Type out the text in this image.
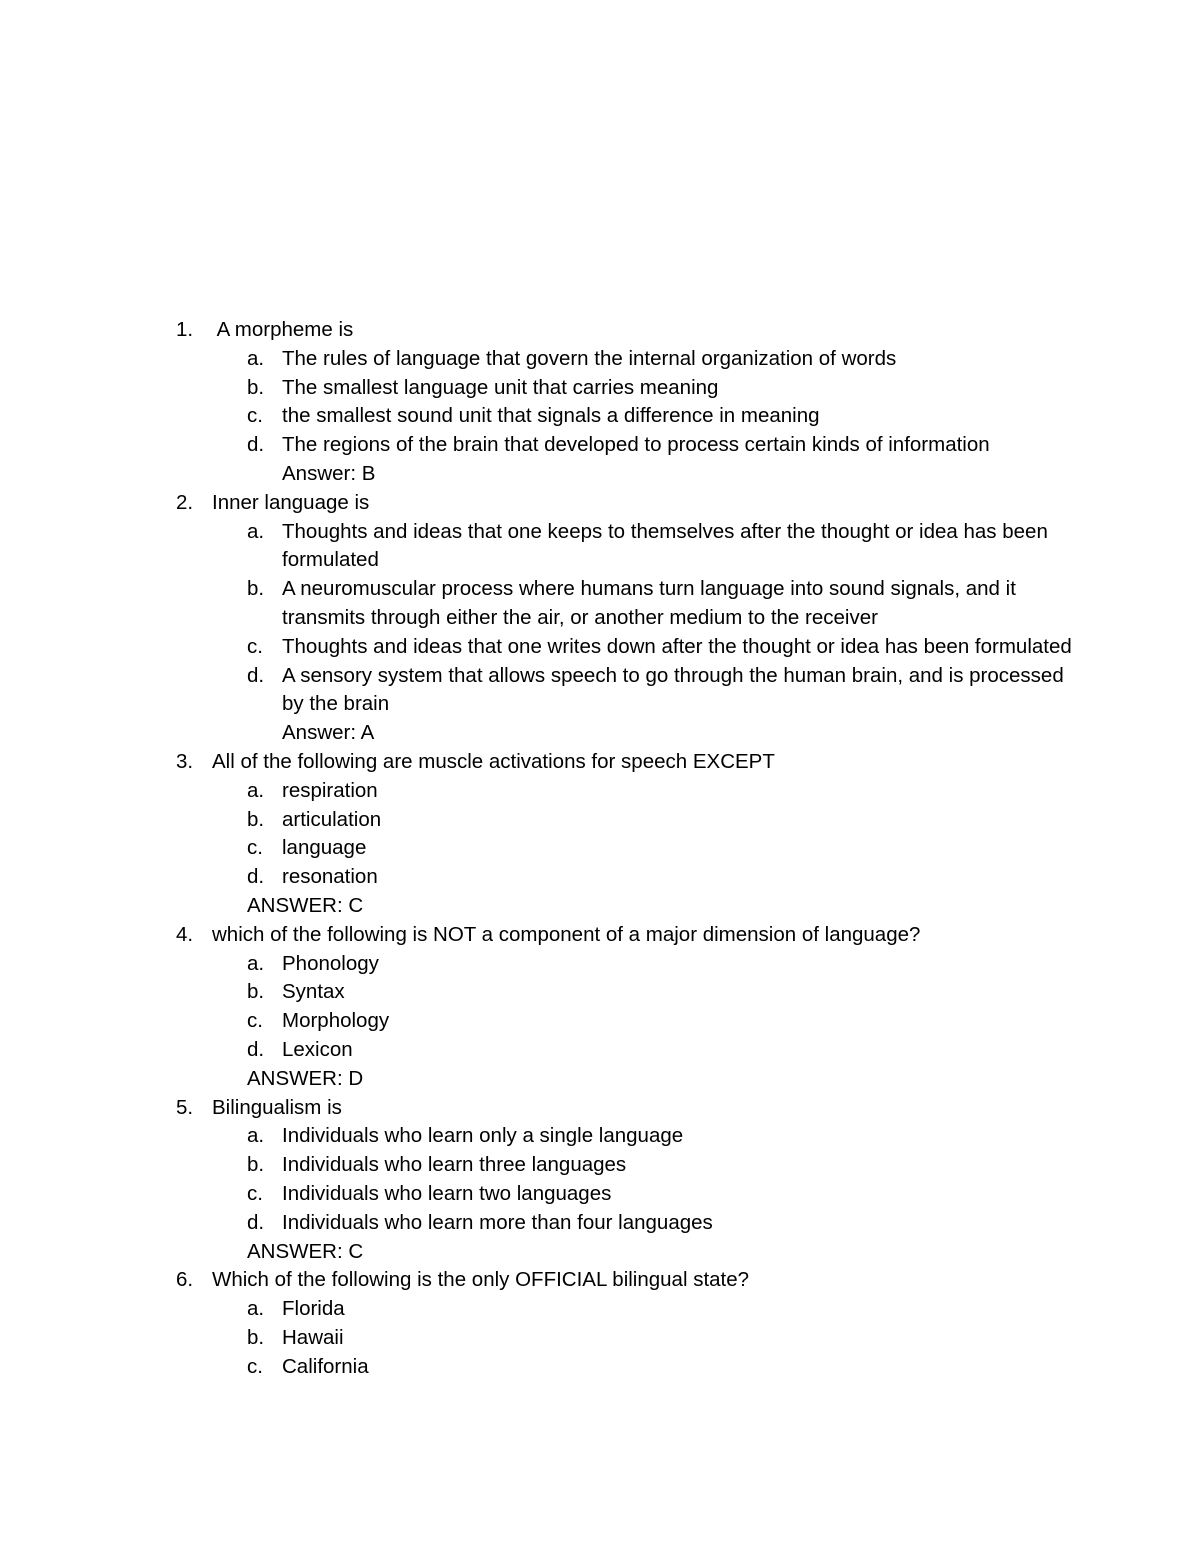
1. A morpheme is
a. The rules of language that govern the internal organization of words
b. The smallest language unit that carries meaning
c. the smallest sound unit that signals a difference in meaning
d. The regions of the brain that developed to process certain kinds of information
Answer: B
2. Inner language is
a. Thoughts and ideas that one keeps to themselves after the thought or idea has been formulated
b. A neuromuscular process where humans turn language into sound signals, and it transmits through either the air, or another medium to the receiver
c. Thoughts and ideas that one writes down after the thought or idea has been formulated
d. A sensory system that allows speech to go through the human brain, and is processed by the brain
Answer: A
3. All of the following are muscle activations for speech EXCEPT
a. respiration
b. articulation
c. language
d. resonation
ANSWER: C
4. which of the following is NOT a component of a major dimension of language?
a. Phonology
b. Syntax
c. Morphology
d. Lexicon
ANSWER: D
5. Bilingualism is
a. Individuals who learn only a single language
b. Individuals who learn three languages
c. Individuals who learn two languages
d. Individuals who learn more than four languages
ANSWER: C
6. Which of the following is the only OFFICIAL bilingual state?
a. Florida
b. Hawaii
c. California
